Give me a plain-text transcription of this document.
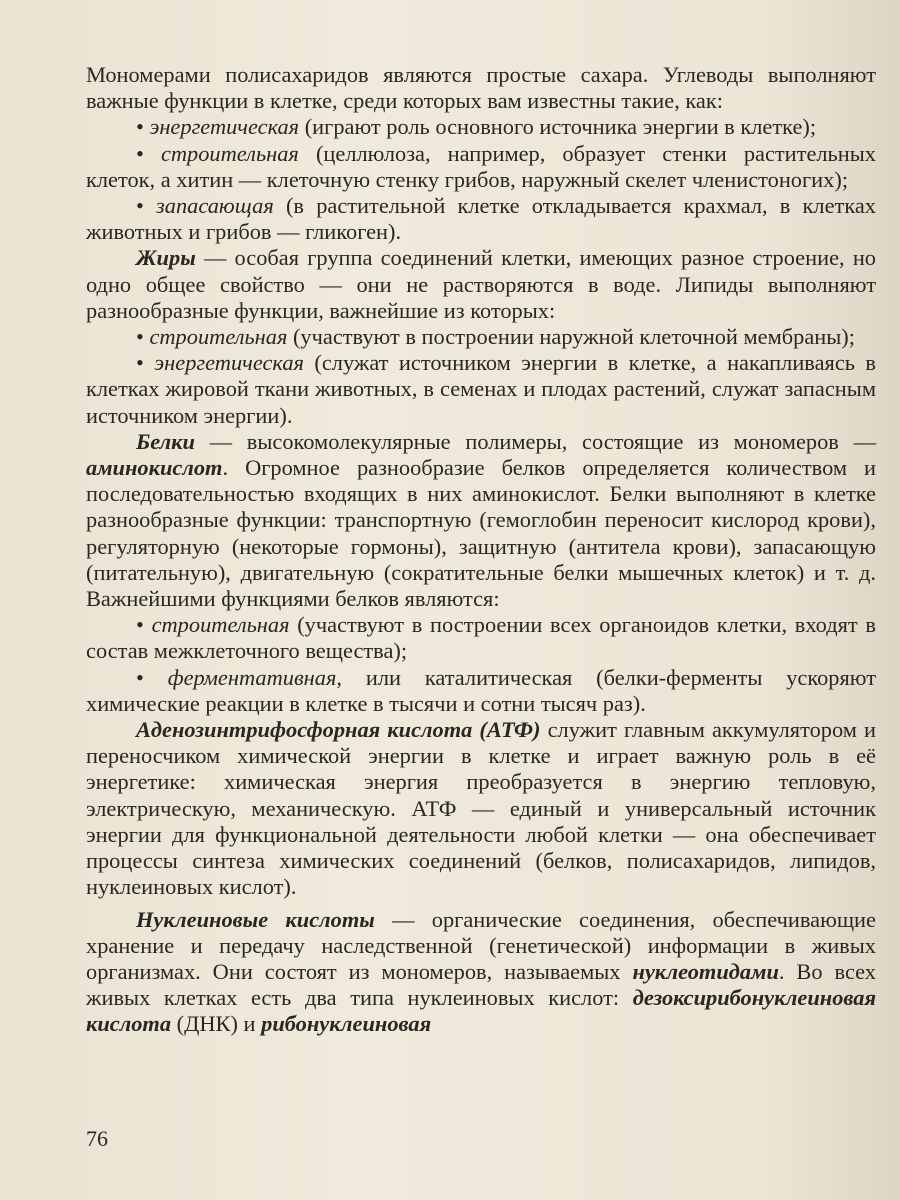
Мономерами полисахаридов являются простые сахара. Углеводы выполняют важные функции в клетке, среди которых вам известны такие, как:

• энергетическая (играют роль основного источника энергии в клетке);

• строительная (целлюлоза, например, образует стенки растительных клеток, а хитин — клеточную стенку грибов, наружный скелет членистоногих);

• запасающая (в растительной клетке откладывается крахмал, в клетках животных и грибов — гликоген).

Жиры — особая группа соединений клетки, имеющих разное строение, но одно общее свойство — они не растворяются в воде. Липиды выполняют разнообразные функции, важнейшие из которых:

• строительная (участвуют в построении наружной клеточной мембраны);

• энергетическая (служат источником энергии в клетке, а накапливаясь в клетках жировой ткани животных, в семенах и плодах растений, служат запасным источником энергии).

Белки — высокомолекулярные полимеры, состоящие из мономеров — аминокислот. Огромное разнообразие белков определяется количеством и последовательностью входящих в них аминокислот. Белки выполняют в клетке разнообразные функции: транспортную (гемоглобин переносит кислород крови), регуляторную (некоторые гормоны), защитную (антитела крови), запасающую (питательную), двигательную (сократительные белки мышечных клеток) и т. д. Важнейшими функциями белков являются:

• строительная (участвуют в построении всех органоидов клетки, входят в состав межклеточного вещества);

• ферментативная, или каталитическая (белки-ферменты ускоряют химические реакции в клетке в тысячи и сотни тысяч раз).

Аденозинтрифосфорная кислота (АТФ) служит главным аккумулятором и переносчиком химической энергии в клетке и играет важную роль в её энергетике: химическая энергия преобразуется в энергию тепловую, электрическую, механическую. АТФ — единый и универсальный источник энергии для функциональной деятельности любой клетки — она обеспечивает процессы синтеза химических соединений (белков, полисахаридов, липидов, нуклеиновых кислот).

Нуклеиновые кислоты — органические соединения, обеспечивающие хранение и передачу наследственной (генетической) информации в живых организмах. Они состоят из мономеров, называемых нуклеотидами. Во всех живых клетках есть два типа нуклеиновых кислот: дезоксирибонуклеиновая кислота (ДНК) и рибонуклеиновая

76
